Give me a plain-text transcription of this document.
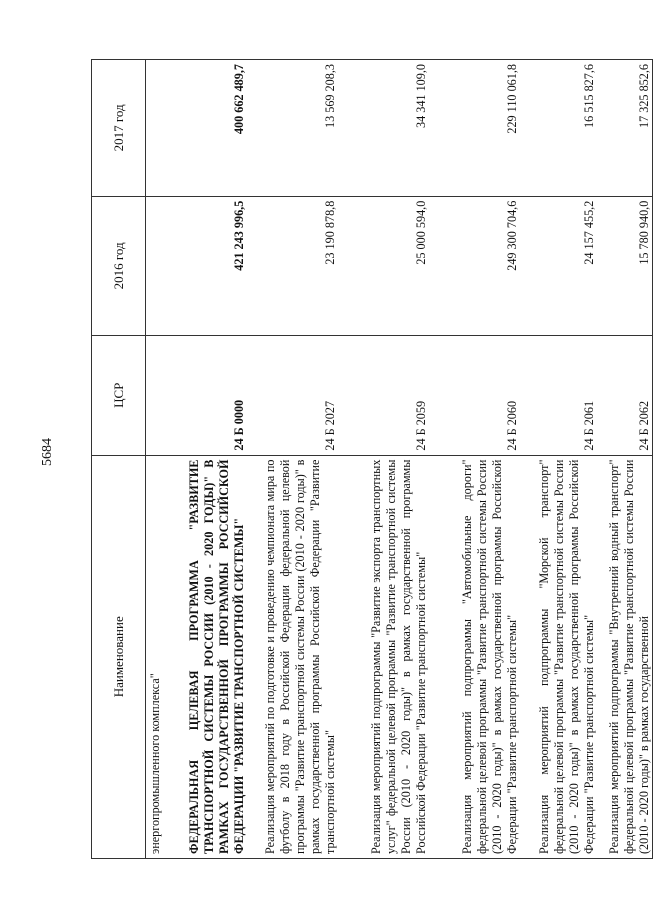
5684
Наименование	ЦСР	2016 год	2017 год
энергопромышленного комплекса"			
ФЕДЕРАЛЬНАЯ ЦЕЛЕВАЯ ПРОГРАММА "РАЗВИТИЕ ТРАНСПОРТНОЙ СИСТЕМЫ РОССИИ (2010 - 2020 ГОДЫ)" В РАМКАХ ГОСУДАРСТВЕННОЙ ПРОГРАММЫ РОССИЙСКОЙ ФЕДЕРАЦИИ "РАЗВИТИЕ ТРАНСПОРТНОЙ СИСТЕМЫ"	24 Б 0000	421 243 996,5	400 662 489,7
Реализация мероприятий по подготовке и проведению чемпионата мира по футболу в 2018 году в Российской Федерации федеральной целевой программы "Развитие транспортной системы России (2010 - 2020 годы)" в рамках государственной программы Российской Федерации "Развитие транспортной системы"	24 Б 2027	23 190 878,8	13 569 208,3
Реализация мероприятий подпрограммы "Развитие экспорта транспортных услуг" федеральной целевой программы "Развитие транспортной системы России (2010 - 2020 годы)" в рамках государственной программы Российской Федерации "Развитие транспортной системы"	24 Б 2059	25 000 594,0	34 341 109,0
Реализация мероприятий подпрограммы "Автомобильные дороги" федеральной целевой программы "Развитие транспортной системы России (2010 - 2020 годы)" в рамках государственной программы Российской Федерации "Развитие транспортной системы"	24 Б 2060	249 300 704,6	229 110 061,8
Реализация мероприятий подпрограммы "Морской транспорт" федеральной целевой программы "Развитие транспортной системы России (2010 - 2020 годы)" в рамках государственной программы Российской Федерации "Развитие транспортной системы"	24 Б 2061	24 157 455,2	16 515 827,6
Реализация мероприятий подпрограммы "Внутренний водный транспорт" федеральной целевой программы "Развитие транспортной системы России (2010 - 2020 годы)" в рамках государственной	24 Б 2062	15 780 940,0	17 325 852,6
